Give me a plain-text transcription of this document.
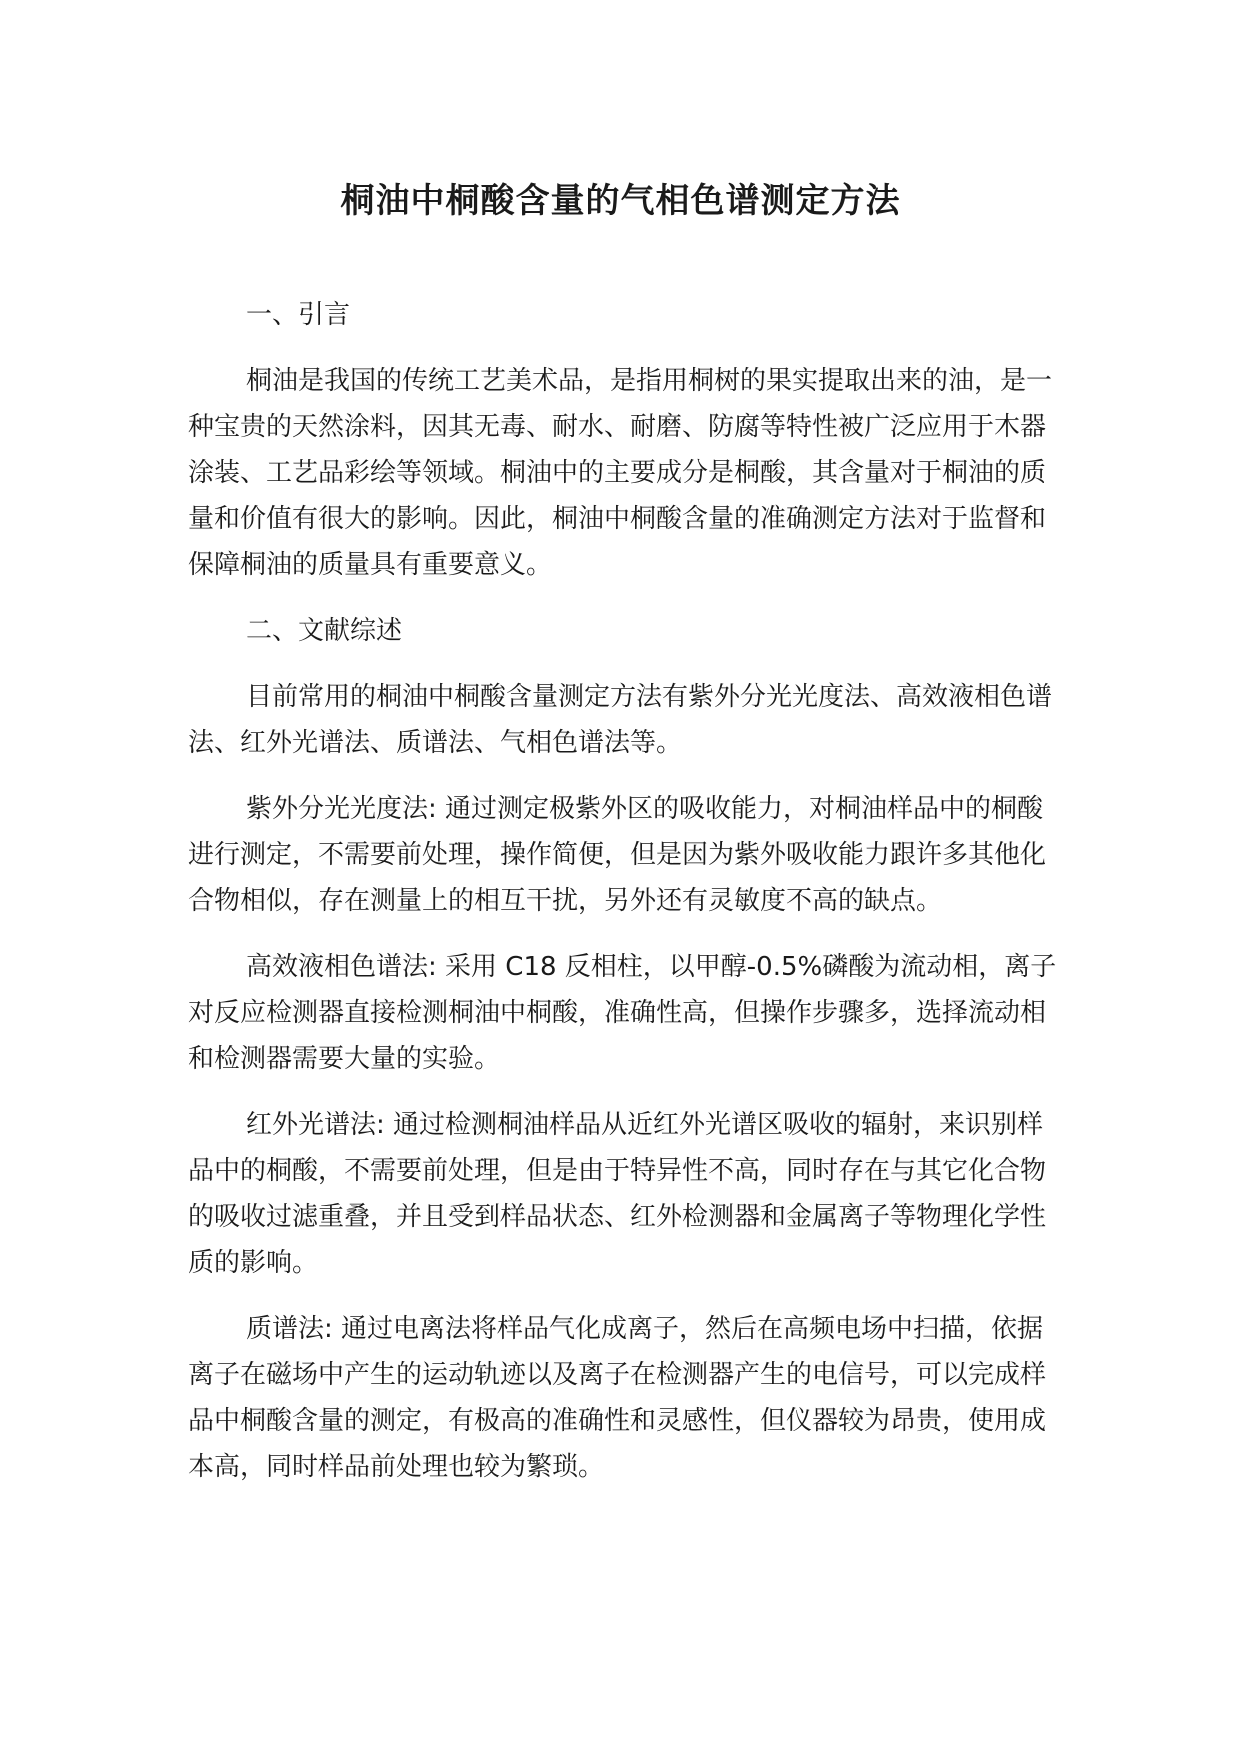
桐油中桐酸含量的气相色谱测定方法

一、引言

桐油是我国的传统工艺美术品，是指用桐树的果实提取出来的油，是一种宝贵的天然涂料，因其无毒、耐水、耐磨、防腐等特性被广泛应用于木器涂装、工艺品彩绘等领域。桐油中的主要成分是桐酸，其含量对于桐油的质量和价值有很大的影响。因此，桐油中桐酸含量的准确测定方法对于监督和保障桐油的质量具有重要意义。

二、文献综述

目前常用的桐油中桐酸含量测定方法有紫外分光光度法、高效液相色谱法、红外光谱法、质谱法、气相色谱法等。

紫外分光光度法: 通过测定极紫外区的吸收能力，对桐油样品中的桐酸进行测定，不需要前处理，操作简便，但是因为紫外吸收能力跟许多其他化合物相似，存在测量上的相互干扰，另外还有灵敏度不高的缺点。

高效液相色谱法: 采用 C18 反相柱，以甲醇-0.5%磷酸为流动相，离子对反应检测器直接检测桐油中桐酸，准确性高，但操作步骤多，选择流动相和检测器需要大量的实验。

红外光谱法: 通过检测桐油样品从近红外光谱区吸收的辐射，来识别样品中的桐酸，不需要前处理，但是由于特异性不高，同时存在与其它化合物的吸收过滤重叠，并且受到样品状态、红外检测器和金属离子等物理化学性质的影响。

质谱法: 通过电离法将样品气化成离子，然后在高频电场中扫描，依据离子在磁场中产生的运动轨迹以及离子在检测器产生的电信号，可以完成样品中桐酸含量的测定，有极高的准确性和灵感性，但仪器较为昂贵，使用成本高，同时样品前处理也较为繁琐。
